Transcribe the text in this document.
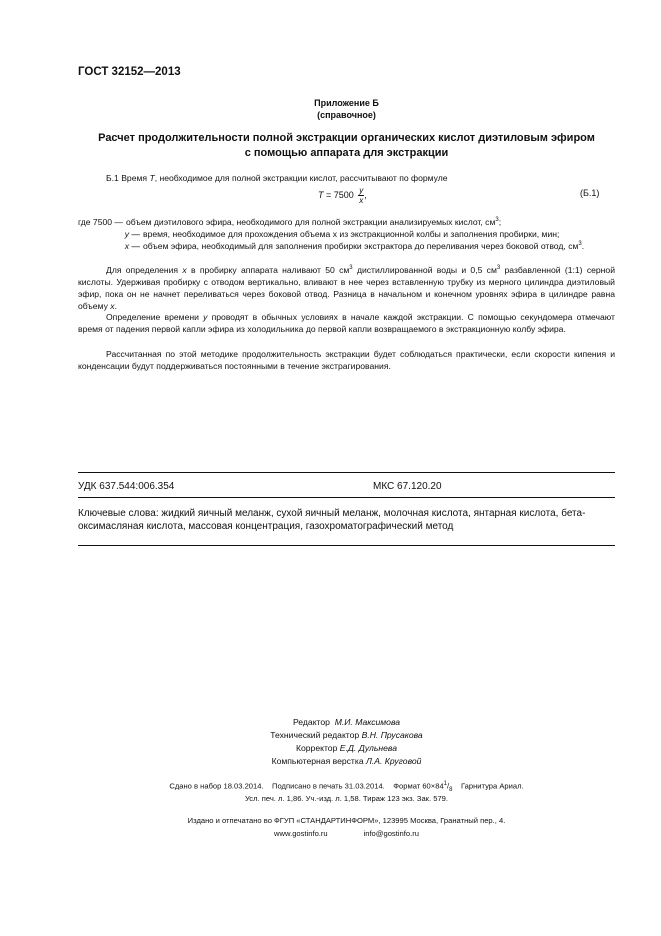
ГОСТ 32152—2013
Приложение Б
(справочное)
Расчет продолжительности полной экстракции органических кислот диэтиловым эфиром
с помощью аппарата для экстракции
Б.1 Время T, необходимое для полной экстракции кислот, рассчитывают по формуле
$T = 7500 \frac{y}{x}$ ,	(Б.1)
где 7500 — объем диэтилового эфира, необходимого для полной экстракции анализируемых кислот, $см^3$;
y — время, необходимое для прохождения объема x из экстракционной колбы и заполнения пробирки, мин;
x — объем эфира, необходимый для заполнения пробирки экстрактора до переливания через боковой отвод, $см^3$.
Для определения x в пробирку аппарата наливают 50 $см^3$ дистиллированной воды и 0,5 $см^3$ разбавленной (1:1) серной кислоты. Удерживая пробирку с отводом вертикально, вливают в нее через вставленную трубку из мерного цилиндра диэтиловый эфир, пока он не начнет переливаться через боковой отвод. Разница в начальном и конечном уровнях эфира в цилиндре равна объему x.
Определение времени y проводят в обычных условиях в начале каждой экстракции. С помощью секундомера отмечают время от падения первой капли эфира из холодильника до первой капли возвращаемого в экстракционную колбу эфира.
Рассчитанная по этой методике продолжительность экстракции будет соблюдаться практически, если скорости кипения и конденсации будут поддерживаться постоянными в течение экстрагирования.
УДК 637.544:006.354	МКС 67.120.20
Ключевые слова: жидкий яичный меланж, сухой яичный меланж, молочная кислота, янтарная кислота, бета-оксимасляная кислота, массовая концентрация, газохроматографический метод
Редактор М.И. Максимова
Технический редактор В.Н. Прусакова
Корректор Е.Д. Дульнева
Компьютерная верстка Л.А. Круговой
Сдано в набор 18.03.2014. Подписано в печать 31.03.2014. Формат $60\times 84^1/_8$ Гарнитура Ариал.
Усл. печ. л. 1,86. Уч.-изд. л. 1,58. Тираж 123 экз. Зак. 579.
Издано и отпечатано во ФГУП «СТАНДАРТИНФОРМ», 123995 Москва, Гранатный пер., 4.
www.gostinfo.ru	info@gostinfo.ru
